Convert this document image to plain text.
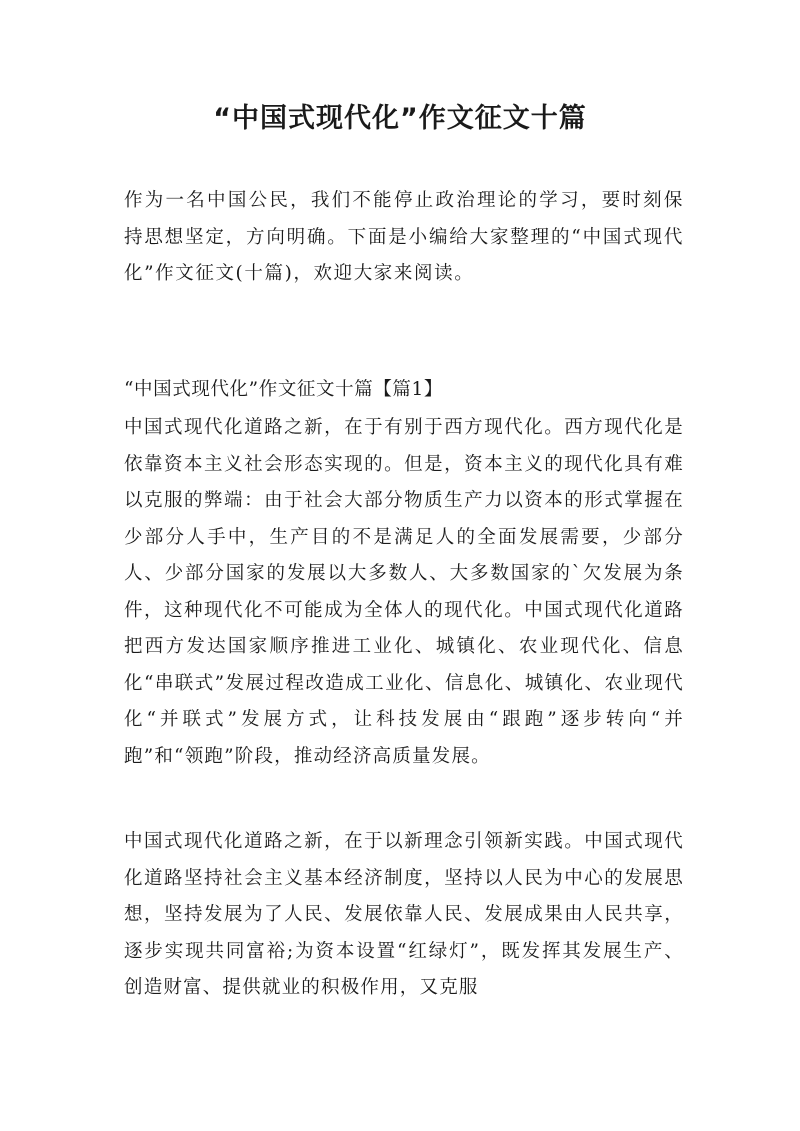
“中国式现代化”作文征文十篇

作为一名中国公民，我们不能停止政治理论的学习，要时刻保持思想坚定，方向明确。下面是小编给大家整理的“中国式现代化”作文征文(十篇)，欢迎大家来阅读。

“中国式现代化”作文征文十篇【篇1】

中国式现代化道路之新，在于有别于西方现代化。西方现代化是依靠资本主义社会形态实现的。但是，资本主义的现代化具有难以克服的弊端：由于社会大部分物质生产力以资本的形式掌握在少部分人手中，生产目的不是满足人的全面发展需要，少部分人、少部分国家的发展以大多数人、大多数国家的`欠发展为条件，这种现代化不可能成为全体人的现代化。中国式现代化道路把西方发达国家顺序推进工业化、城镇化、农业现代化、信息化“串联式”发展过程改造成工业化、信息化、城镇化、农业现代化“并联式”发展方式，让科技发展由“跟跑”逐步转向“并跑”和“领跑”阶段，推动经济高质量发展。

中国式现代化道路之新，在于以新理念引领新实践。中国式现代化道路坚持社会主义基本经济制度，坚持以人民为中心的发展思想，坚持发展为了人民、发展依靠人民、发展成果由人民共享，逐步实现共同富裕;为资本设置“红绿灯”，既发挥其发展生产、创造财富、提供就业的积极作用，又克服
